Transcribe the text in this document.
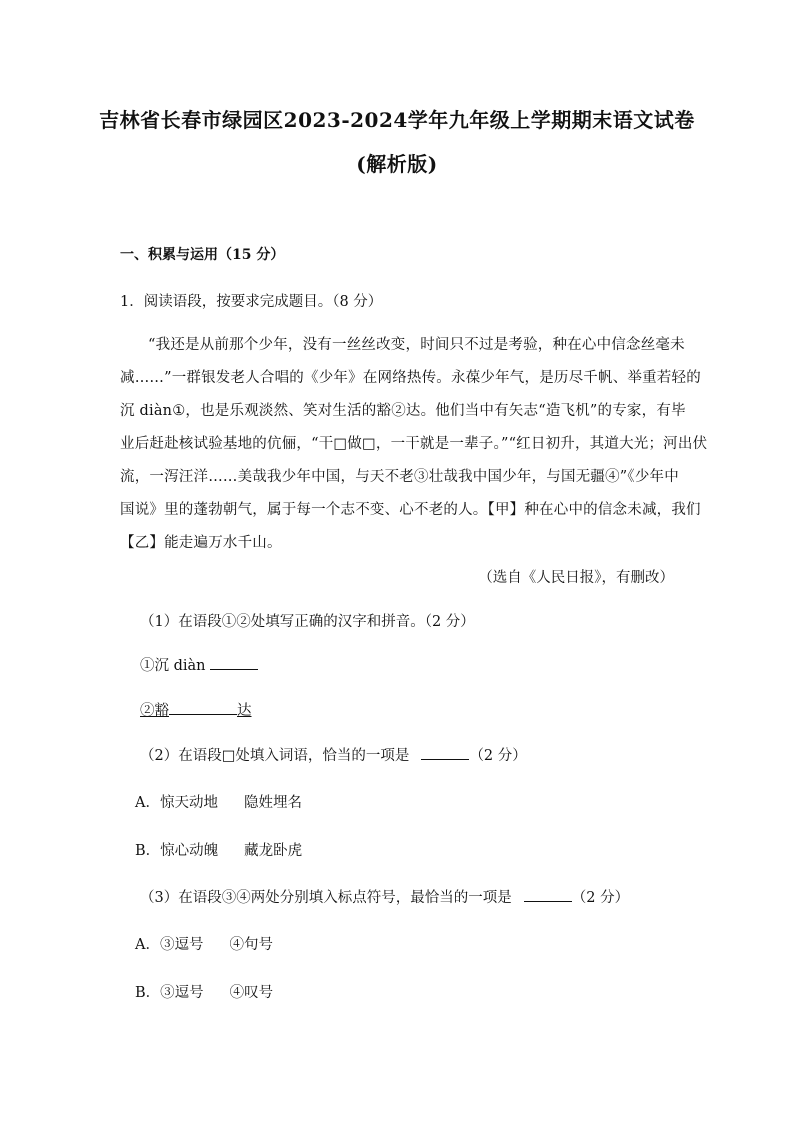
吉林省长春市绿园区2023-2024学年九年级上学期期末语文试卷
(解析版)
一、积累与运用（15 分）
1．阅读语段，按要求完成题目。（8 分）
“我还是从前那个少年，没有一丝丝改变，时间只不过是考验，种在心中信念丝毫未
减……”一群银发老人合唱的《少年》在网络热传。永葆少年气，是历尽千帆、举重若轻的
沉 diàn①，也是乐观淡然、笑对生活的豁②达。他们当中有矢志“造飞机”的专家，有毕
业后赶赴核试验基地的伉俪，“干□做□，一干就是一辈子。”“红日初升，其道大光；河出伏
流，一泻汪洋……美哉我少年中国，与天不老③壮哉我中国少年，与国无疆④”《少年中
国说》里的蓬勃朝气，属于每一个志不变、心不老的人。【甲】种在心中的信念未减，我们
【乙】能走遍万水千山。
（选自《人民日报》，有删改）
（1）在语段①②处填写正确的汉字和拼音。（2 分）
①沉 diàn
②豁	达
（2）在语段□处填入词语，恰当的一项是	（2 分）
A．惊天动地 隐姓埋名
B．惊心动魄 藏龙卧虎
（3）在语段③④两处分别填入标点符号，最恰当的一项是	（2 分）
A．③逗号 ④句号
B．③逗号 ④叹号
